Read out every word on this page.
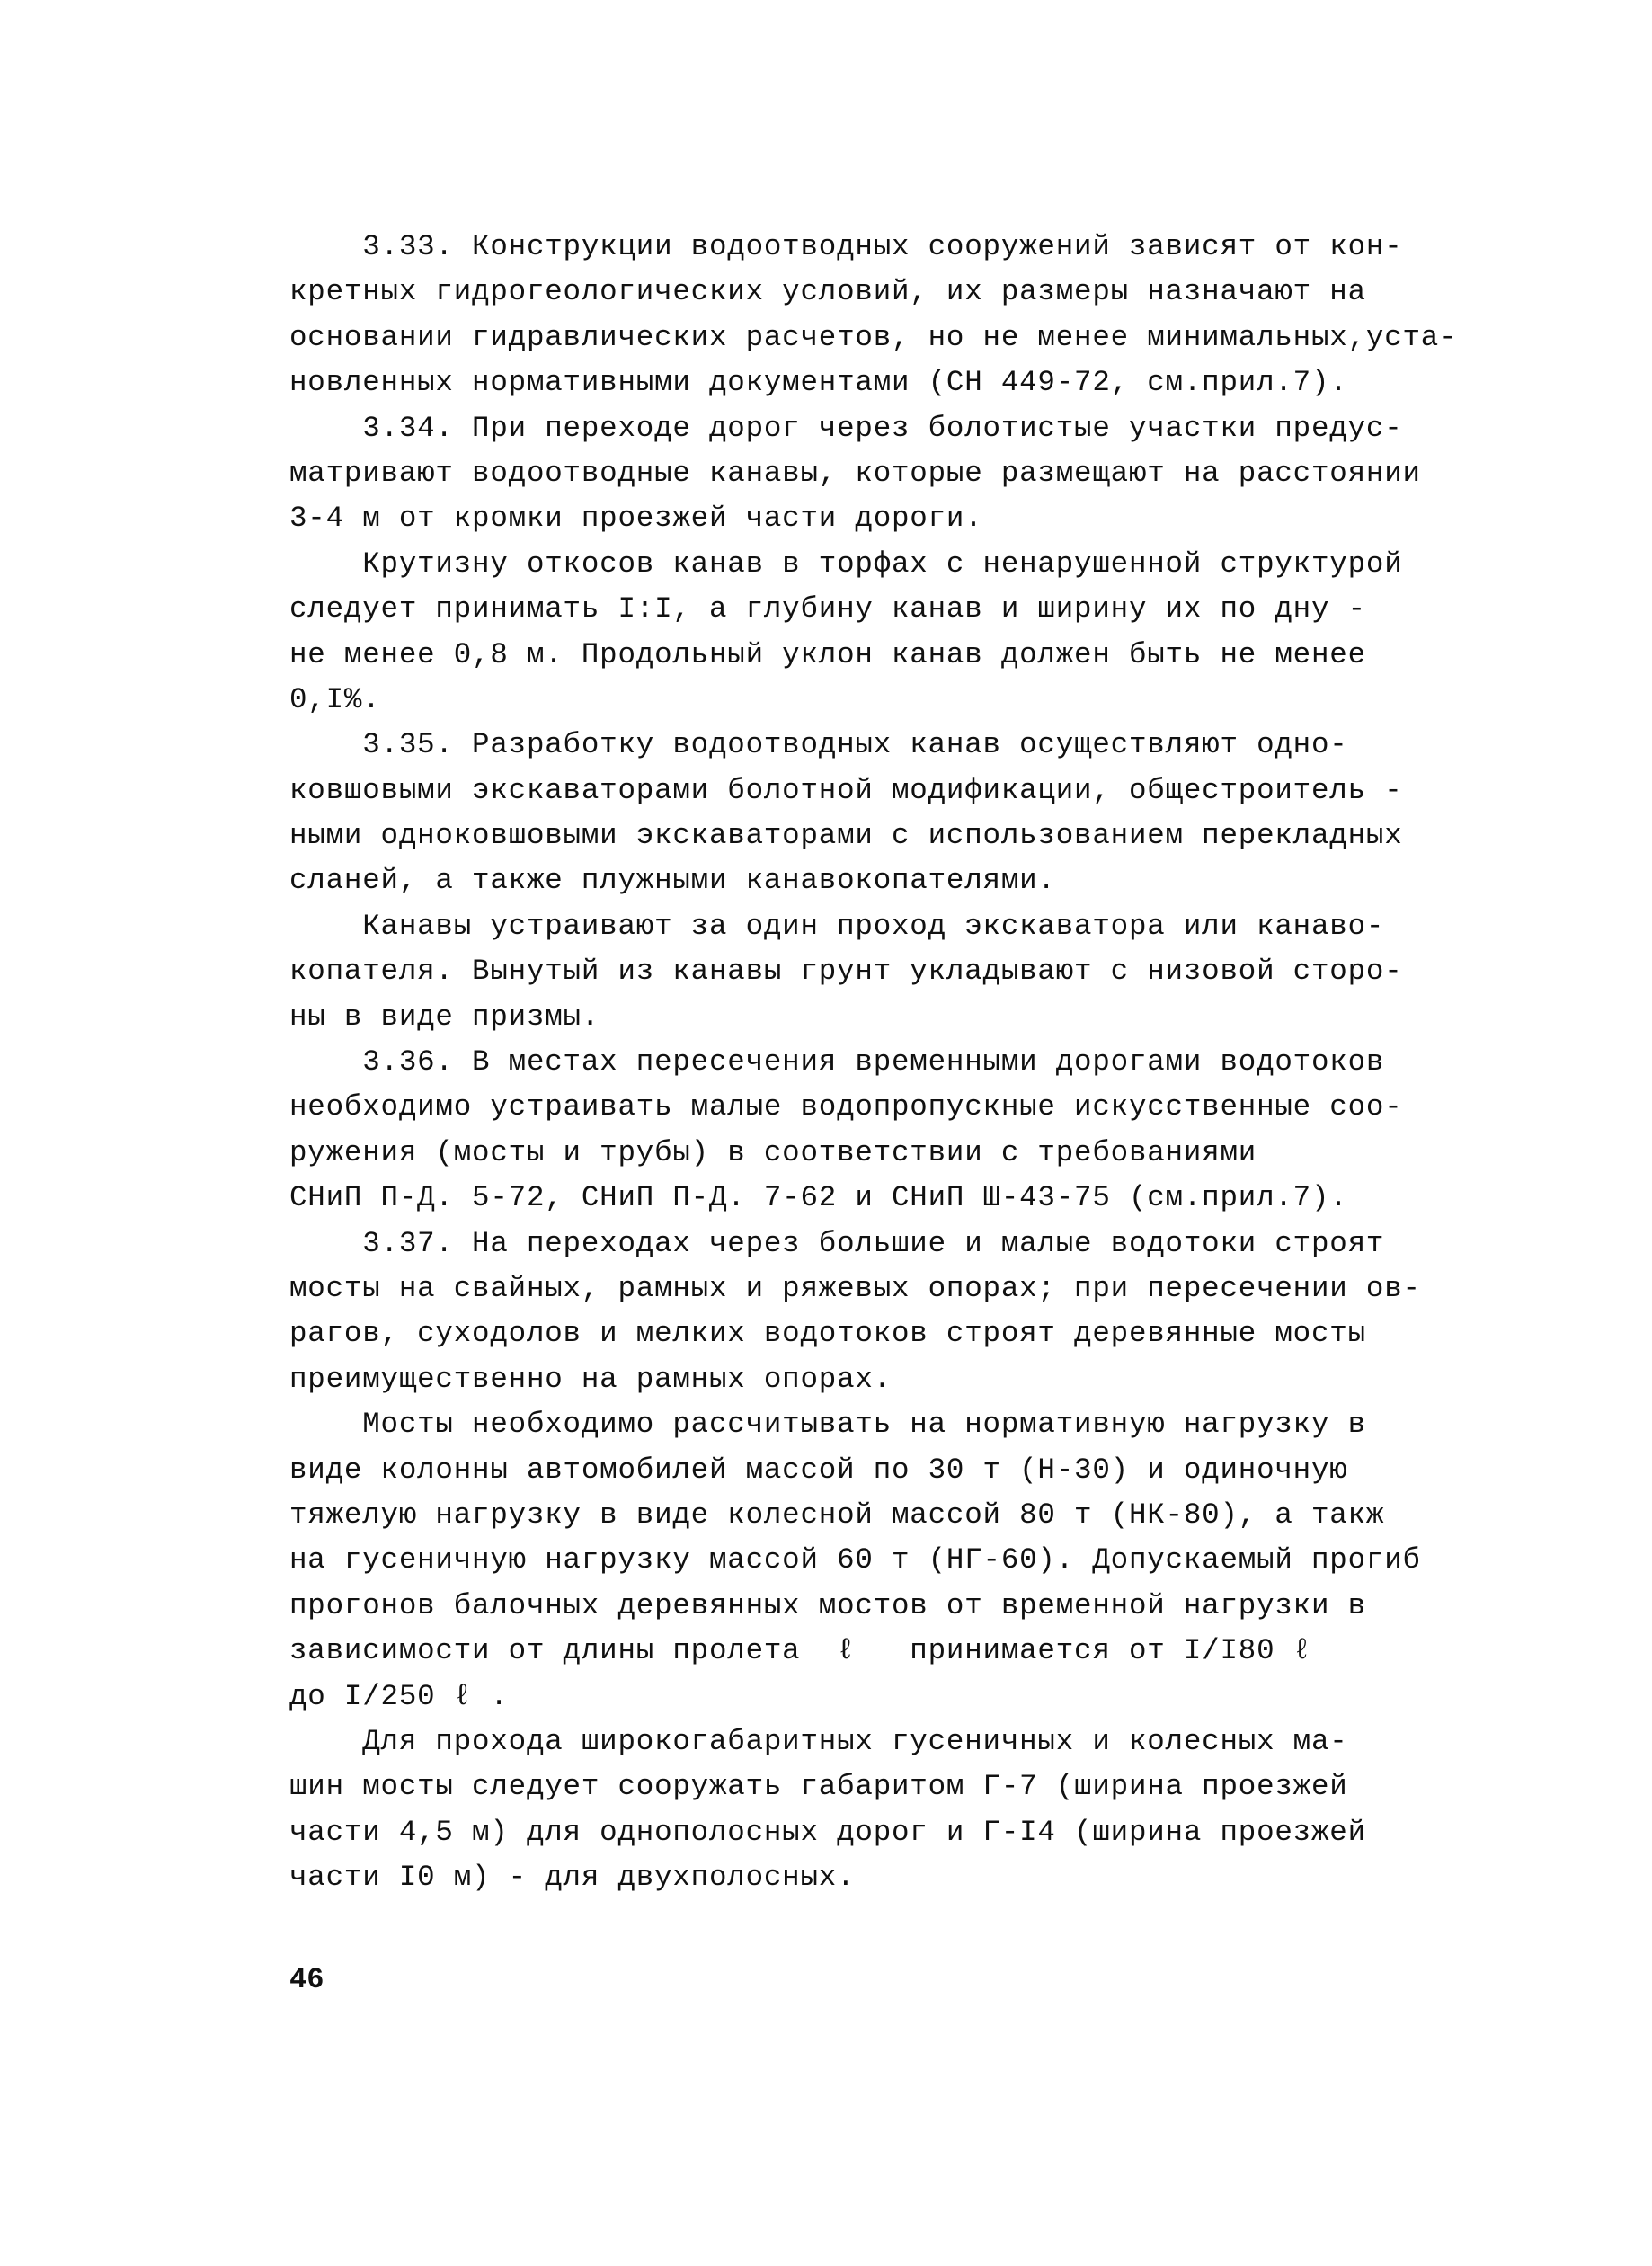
3.33. Конструкции водоотводных сооружений зависят от кон-
кретных гидрогеологических условий, их размеры назначают на
основании гидравлических расчетов, но не менее минимальных,уста-
новленных нормативными документами (СН 449-72, см.прил.7).
3.34. При переходе дорог через болотистые участки предус-
матривают водоотводные канавы, которые размещают на расстоянии
3-4 м от кромки проезжей части дороги.
Крутизну откосов канав в торфах с ненарушенной структурой
следует принимать I:I, а глубину канав и ширину их по дну -
не менее 0,8 м. Продольный уклон канав должен быть не менее
0,I%.
3.35. Разработку водоотводных канав осуществляют одно-
ковшовыми экскаваторами болотной модификации, общестроитель -
ными одноковшовыми экскаваторами с использованием перекладных
сланей, а также плужными канавокопателями.
Канавы устраивают за один проход экскаватора или канаво-
копателя. Вынутый из канавы грунт укладывают с низовой сторо-
ны в виде призмы.
3.36. В местах пересечения временными дорогами водотоков
необходимо устраивать малые водопропускные искусственные соо-
ружения (мосты и трубы) в соответствии с требованиями
СНиП П-Д. 5-72, СНиП П-Д. 7-62 и СНиП Ш-43-75 (см.прил.7).
3.37. На переходах через большие и малые водотоки строят
мосты на свайных, рамных и ряжевых опорах; при пересечении ов-
рагов, суходолов и мелких водотоков строят деревянные мосты
преимущественно на рамных опорах.
Мосты необходимо рассчитывать на нормативную нагрузку в
виде колонны автомобилей массой по 30 т (Н-30) и одиночную
тяжелую нагрузку в виде колесной массой 80 т (НК-80), а такж
на гусеничную нагрузку массой 60 т (НГ-60). Допускаемый прогиб
прогонов балочных деревянных мостов от временной нагрузки в
зависимости от длины пролета  ℓ   принимается от I/I80 ℓ
до I/250 ℓ .
Для прохода широкогабаритных гусеничных и колесных ма-
шин мосты следует сооружать габаритом Г-7 (ширина проезжей
части 4,5 м) для однополосных дорог и Г-I4 (ширина проезжей
части I0 м) - для двухполосных.
46
